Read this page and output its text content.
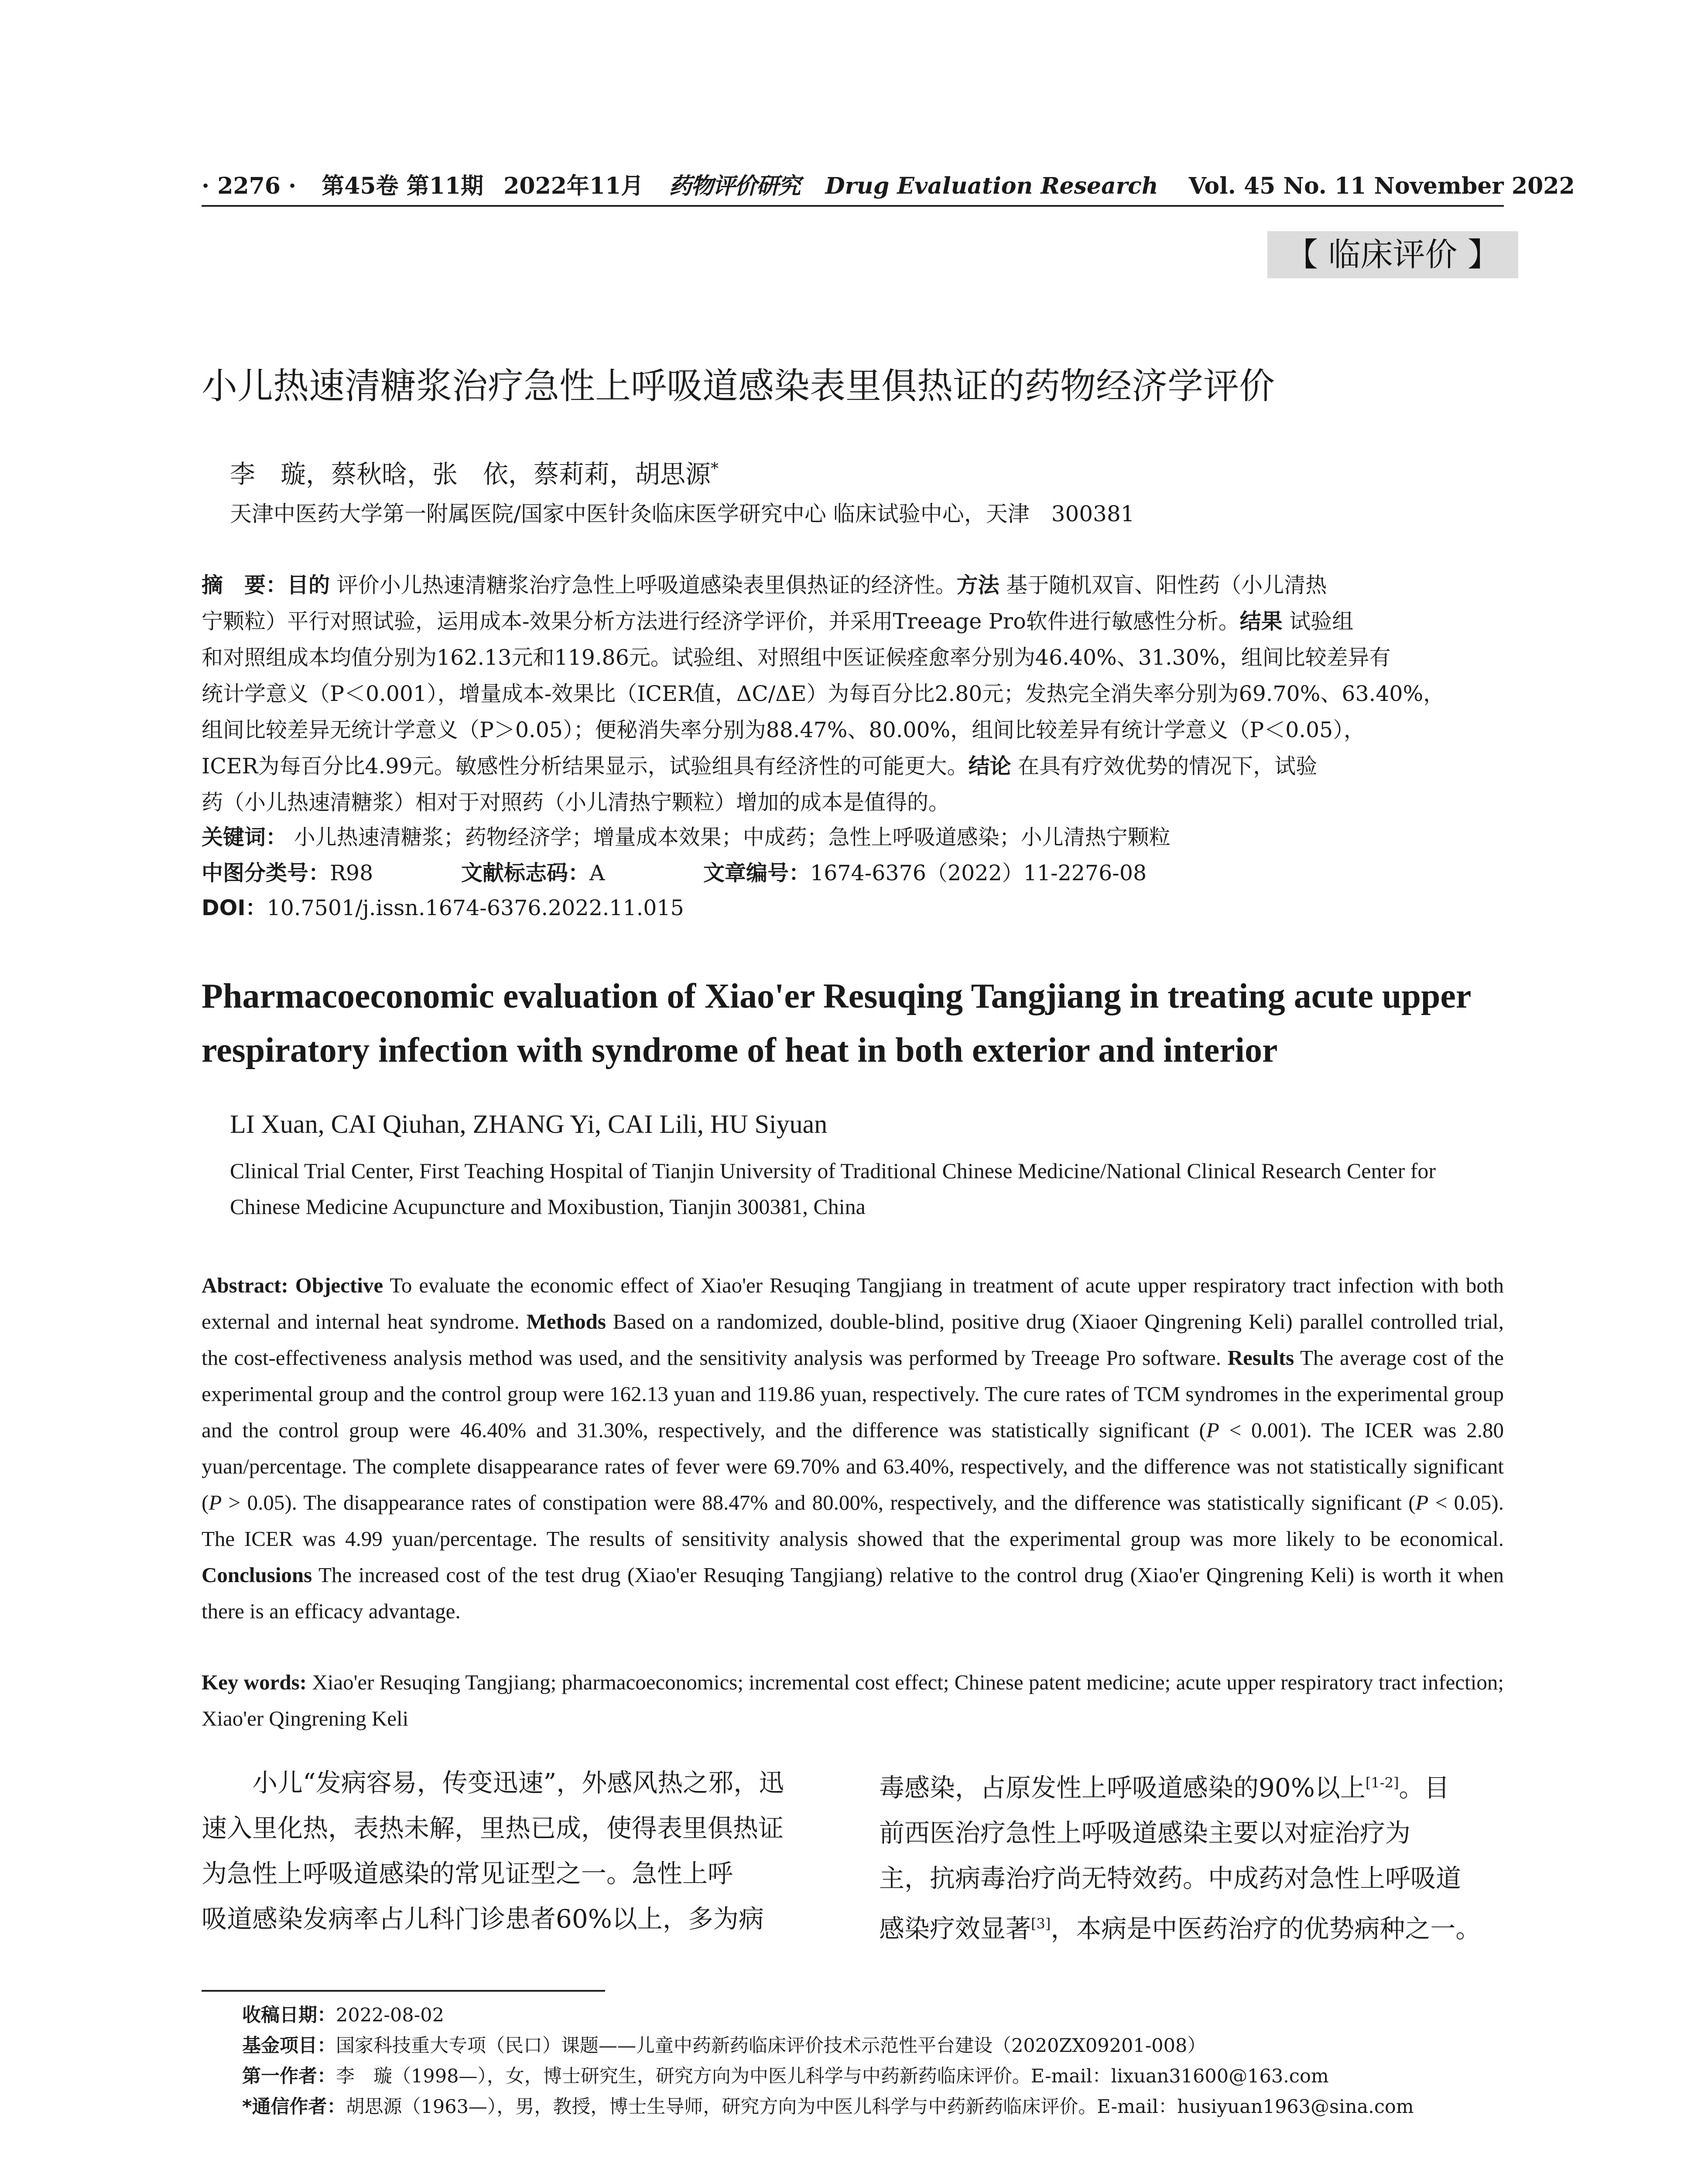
· 2276 · 第45卷 第11期 2022年11月 药物评价研究 Drug Evaluation Research Vol. 45 No. 11 November 2022
【 临床评价 】
小儿热速清糖浆治疗急性上呼吸道感染表里俱热证的药物经济学评价
李　璇，蔡秋晗，张　依，蔡莉莉，胡思源*
天津中医药大学第一附属医院/国家中医针灸临床医学研究中心 临床试验中心，天津　300381
摘　要：目的 评价小儿热速清糖浆治疗急性上呼吸道感染表里俱热证的经济性。方法 基于随机双盲、阳性药（小儿清热
宁颗粒）平行对照试验，运用成本-效果分析方法进行经济学评价，并采用Treeage Pro软件进行敏感性分析。结果 试验组
和对照组成本均值分别为162.13元和119.86元。试验组、对照组中医证候痊愈率分别为46.40%、31.30%，组间比较差异有
统计学意义（P＜0.001），增量成本-效果比（ICER值，ΔC/ΔE）为每百分比2.80元；发热完全消失率分别为69.70%、63.40%，
组间比较差异无统计学意义（P＞0.05）；便秘消失率分别为88.47%、80.00%，组间比较差异有统计学意义（P＜0.05），
ICER为每百分比4.99元。敏感性分析结果显示，试验组具有经济性的可能更大。结论 在具有疗效优势的情况下，试验
药（小儿热速清糖浆）相对于对照药（小儿清热宁颗粒）增加的成本是值得的。
关键词： 小儿热速清糖浆；药物经济学；增量成本效果；中成药；急性上呼吸道感染；小儿清热宁颗粒
中图分类号：R98	文献标志码：A	文章编号：1674-6376（2022）11-2276-08
DOI：10.7501/j.issn.1674-6376.2022.11.015
Pharmacoeconomic evaluation of Xiao'er Resuqing Tangjiang in treating acute upper respiratory infection with syndrome of heat in both exterior and interior
LI Xuan, CAI Qiuhan, ZHANG Yi, CAI Lili, HU Siyuan
Clinical Trial Center, First Teaching Hospital of Tianjin University of Traditional Chinese Medicine/National Clinical Research Center for Chinese Medicine Acupuncture and Moxibustion, Tianjin 300381, China
Abstract: Objective To evaluate the economic effect of Xiao'er Resuqing Tangjiang in treatment of acute upper respiratory tract infection with both external and internal heat syndrome. Methods Based on a randomized, double-blind, positive drug (Xiaoer Qingrening Keli) parallel controlled trial, the cost-effectiveness analysis method was used, and the sensitivity analysis was performed by Treeage Pro software. Results The average cost of the experimental group and the control group were 162.13 yuan and 119.86 yuan, respectively. The cure rates of TCM syndromes in the experimental group and the control group were 46.40% and 31.30%, respectively, and the difference was statistically significant (P < 0.001). The ICER was 2.80 yuan/percentage. The complete disappearance rates of fever were 69.70% and 63.40%, respectively, and the difference was not statistically significant (P > 0.05). The disappearance rates of constipation were 88.47% and 80.00%, respectively, and the difference was statistically significant (P < 0.05). The ICER was 4.99 yuan/percentage. The results of sensitivity analysis showed that the experimental group was more likely to be economical. Conclusions The increased cost of the test drug (Xiao'er Resuqing Tangjiang) relative to the control drug (Xiao'er Qingrening Keli) is worth it when there is an efficacy advantage.
Key words: Xiao'er Resuqing Tangjiang; pharmacoeconomics; incremental cost effect; Chinese patent medicine; acute upper respiratory tract infection; Xiao'er Qingrening Keli
小儿“发病容易，传变迅速”，外感风热之邪，迅
速入里化热，表热未解，里热已成，使得表里俱热证
为急性上呼吸道感染的常见证型之一。急性上呼
吸道感染发病率占儿科门诊患者60%以上，多为病
毒感染，占原发性上呼吸道感染的90%以上[1-2]。目
前西医治疗急性上呼吸道感染主要以对症治疗为
主，抗病毒治疗尚无特效药。中成药对急性上呼吸道
感染疗效显著[3]，本病是中医药治疗的优势病种之一。
收稿日期：2022-08-02
基金项目：国家科技重大专项（民口）课题——儿童中药新药临床评价技术示范性平台建设（2020ZX09201-008）
第一作者：李　璇（1998—），女，博士研究生，研究方向为中医儿科学与中药新药临床评价。E-mail：lixuan31600@163.com
*通信作者：胡思源（1963—），男，教授，博士生导师，研究方向为中医儿科学与中药新药临床评价。E-mail：husiyuan1963@sina.com
